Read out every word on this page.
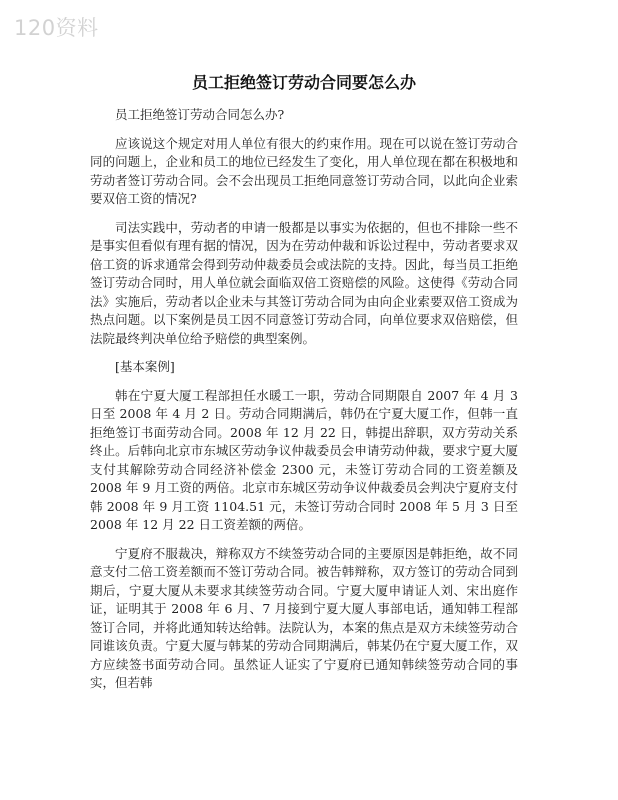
120资料
员工拒绝签订劳动合同要怎么办

员工拒绝签订劳动合同怎么办?

应该说这个规定对用人单位有很大的约束作用。现在可以说在签订劳动合同的问题上，企业和员工的地位已经发生了变化，用人单位现在都在积极地和劳动者签订劳动合同。会不会出现员工拒绝同意签订劳动合同，以此向企业索要双倍工资的情况?

司法实践中，劳动者的申请一般都是以事实为依据的，但也不排除一些不是事实但看似有理有据的情况，因为在劳动仲裁和诉讼过程中，劳动者要求双倍工资的诉求通常会得到劳动仲裁委员会或法院的支持。因此，每当员工拒绝签订劳动合同时，用人单位就会面临双倍工资赔偿的风险。这使得《劳动合同法》实施后，劳动者以企业未与其签订劳动合同为由向企业索要双倍工资成为热点问题。以下案例是员工因不同意签订劳动合同，向单位要求双倍赔偿，但法院最终判决单位给予赔偿的典型案例。

[基本案例]

韩在宁夏大厦工程部担任水暖工一职，劳动合同期限自 2007 年 4 月 3 日至 2008 年 4 月 2 日。劳动合同期满后，韩仍在宁夏大厦工作，但韩一直拒绝签订书面劳动合同。2008 年 12 月 22 日，韩提出辞职，双方劳动关系终止。后韩向北京市东城区劳动争议仲裁委员会申请劳动仲裁，要求宁夏大厦支付其解除劳动合同经济补偿金 2300 元，未签订劳动合同的工资差额及 2008 年 9 月工资的两倍。北京市东城区劳动争议仲裁委员会判决宁夏府支付韩 2008 年 9 月工资 1104.51 元，未签订劳动合同时 2008 年 5 月 3 日至 2008 年 12 月 22 日工资差额的两倍。

宁夏府不服裁决，辩称双方不续签劳动合同的主要原因是韩拒绝，故不同意支付二倍工资差额而不签订劳动合同。被告韩辩称，双方签订的劳动合同到期后，宁夏大厦从未要求其续签劳动合同。宁夏大厦申请证人刘、宋出庭作证，证明其于 2008 年 6 月、7 月接到宁夏大厦人事部电话，通知韩工程部签订合同，并将此通知转达给韩。法院认为，本案的焦点是双方未续签劳动合同谁该负责。宁夏大厦与韩某的劳动合同期满后，韩某仍在宁夏大厦工作，双方应续签书面劳动合同。虽然证人证实了宁夏府已通知韩续签劳动合同的事实，但若韩
